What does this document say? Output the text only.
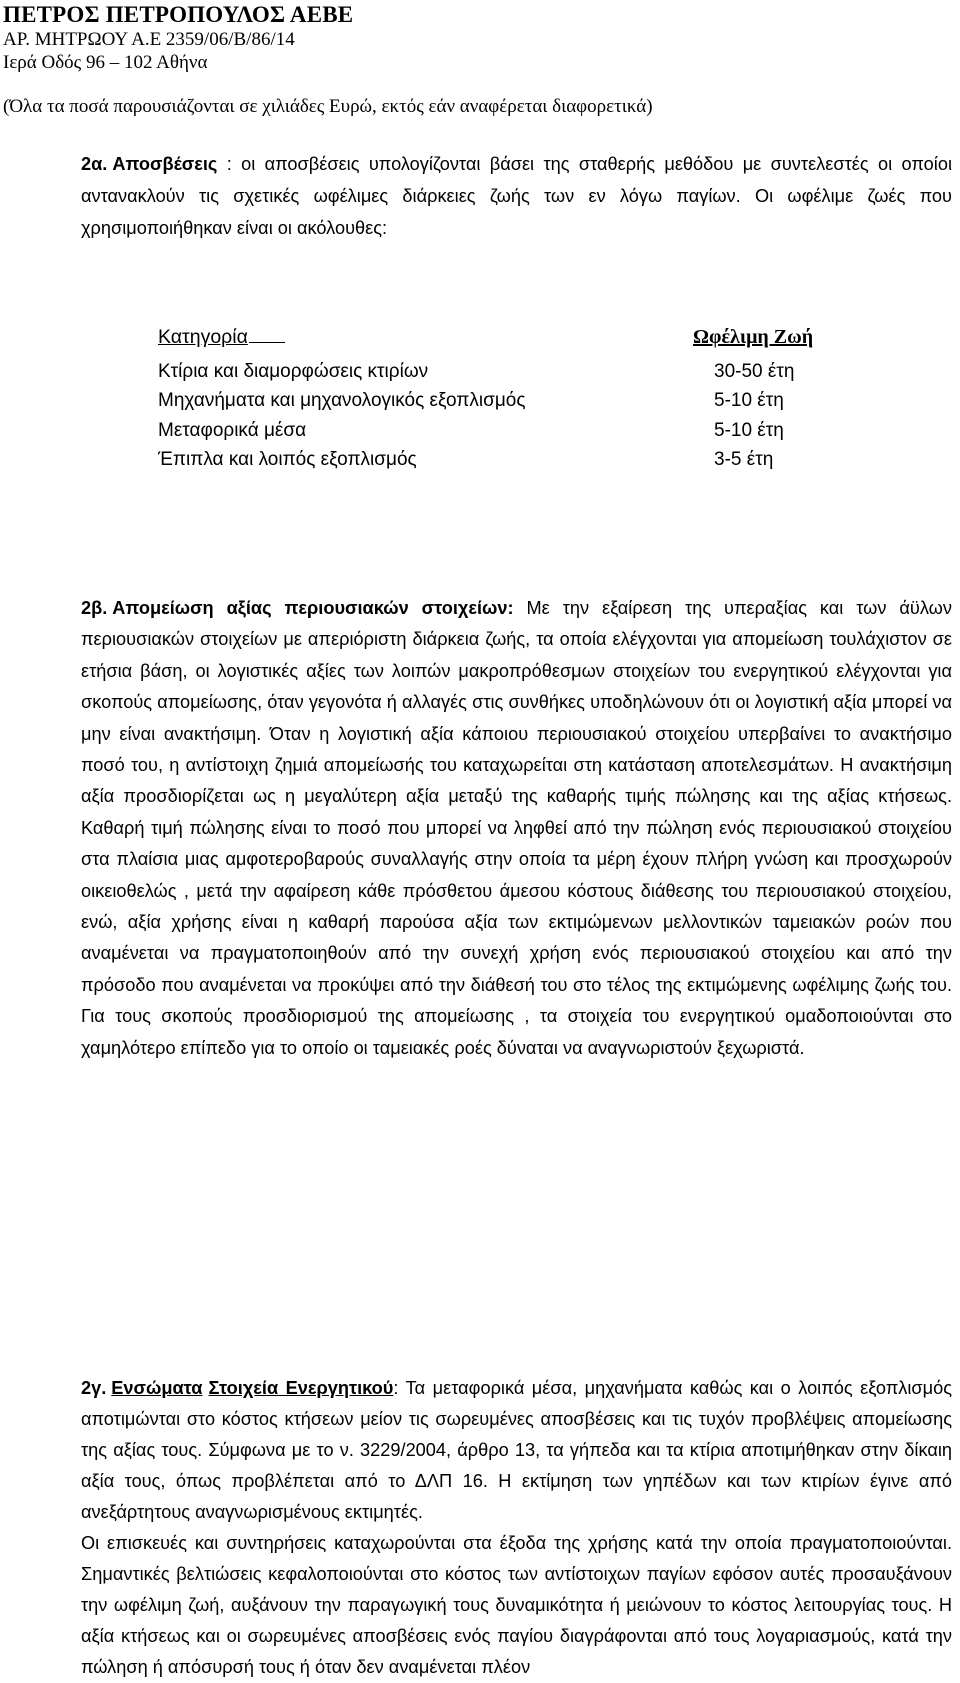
ΠΕΤΡΟΣ ΠΕΤΡΟΠΟΥΛΟΣ ΑΕΒΕ
ΑΡ. ΜΗΤΡΩΟΥ Α.Ε 2359/06/Β/86/14
Ιερά Οδός 96 – 102 Αθήνα
(Όλα τα ποσά παρουσιάζονται σε χιλιάδες Ευρώ, εκτός εάν αναφέρεται διαφορετικά)

2α. Αποσβέσεις : οι αποσβέσεις υπολογίζονται βάσει της σταθερής μεθόδου με συντελεστές οι οποίοι αντανακλούν τις σχετικές ωφέλιμες διάρκειες ζωής των εν λόγω παγίων. Οι ωφέλιμε ζωές που χρησιμοποιήθηκαν είναι οι ακόλουθες:

Κατηγορία	Ωφέλιμη Ζωή
Κτίρια και διαμορφώσεις κτιρίων	30-50 έτη
Μηχανήματα και μηχανολογικός εξοπλισμός	5-10 έτη
Μεταφορικά μέσα	5-10 έτη
Έπιπλα και λοιπός εξοπλισμός	3-5 έτη

2β. Απομείωση αξίας περιουσιακών στοιχείων: Με την εξαίρεση της υπεραξίας και των άϋλων περιουσιακών στοιχείων με απεριόριστη διάρκεια ζωής, τα οποία ελέγχονται για απομείωση τουλάχιστον σε ετήσια βάση, οι λογιστικές αξίες των λοιπών μακροπρόθεσμων στοιχείων του ενεργητικού ελέγχονται για σκοπούς απομείωσης, όταν γεγονότα ή αλλαγές στις συνθήκες υποδηλώνουν ότι οι λογιστική αξία μπορεί να μην είναι ανακτήσιμη. Όταν η λογιστική αξία κάποιου περιουσιακού στοιχείου υπερβαίνει το ανακτήσιμο ποσό του, η αντίστοιχη ζημιά απομείωσής του καταχωρείται στη κατάσταση αποτελεσμάτων. Η ανακτήσιμη αξία προσδιορίζεται ως η μεγαλύτερη αξία μεταξύ της καθαρής τιμής πώλησης και της αξίας κτήσεως. Καθαρή τιμή πώλησης είναι το ποσό που μπορεί να ληφθεί από την πώληση ενός περιουσιακού στοιχείου στα πλαίσια μιας αμφοτεροβαρούς συναλλαγής στην οποία τα μέρη έχουν πλήρη γνώση και προσχωρούν οικειοθελώς , μετά την αφαίρεση κάθε πρόσθετου άμεσου κόστους διάθεσης του περιουσιακού στοιχείου, ενώ, αξία χρήσης είναι η καθαρή παρούσα αξία των εκτιμώμενων μελλοντικών ταμειακών ροών που αναμένεται να πραγματοποιηθούν από την συνεχή χρήση ενός περιουσιακού στοιχείου και από την πρόσοδο που αναμένεται να προκύψει από την διάθεσή του στο τέλος της εκτιμώμενης ωφέλιμης ζωής του. Για τους σκοπούς προσδιορισμού της απομείωσης , τα στοιχεία του ενεργητικού ομαδοποιούνται στο χαμηλότερο επίπεδο για το οποίο οι ταμειακές ροές δύναται να αναγνωριστούν ξεχωριστά.

2γ. Ενσώματα Στοιχεία Ενεργητικού: Τα μεταφορικά μέσα, μηχανήματα καθώς και ο λοιπός εξοπλισμός αποτιμώνται στο κόστος κτήσεων μείον τις σωρευμένες αποσβέσεις και τις τυχόν προβλέψεις απομείωσης της αξίας τους. Σύμφωνα με το ν. 3229/2004, άρθρο 13, τα γήπεδα και τα κτίρια αποτιμήθηκαν στην δίκαιη αξία τους, όπως προβλέπεται από το ΔΛΠ 16. Η εκτίμηση των γηπέδων και των κτιρίων έγινε από ανεξάρτητους αναγνωρισμένους εκτιμητές.
Οι επισκευές και συντηρήσεις καταχωρούνται στα έξοδα της χρήσης κατά την οποία πραγματοποιούνται. Σημαντικές βελτιώσεις κεφαλοποιούνται στο κόστος των αντίστοιχων παγίων εφόσον αυτές προσαυξάνουν την ωφέλιμη ζωή, αυξάνουν την παραγωγική τους δυναμικότητα ή μειώνουν το κόστος λειτουργίας τους. Η αξία κτήσεως και οι σωρευμένες αποσβέσεις ενός παγίου διαγράφονται από τους λογαριασμούς, κατά την πώληση ή απόσυρσή τους ή όταν δεν αναμένεται πλέον
